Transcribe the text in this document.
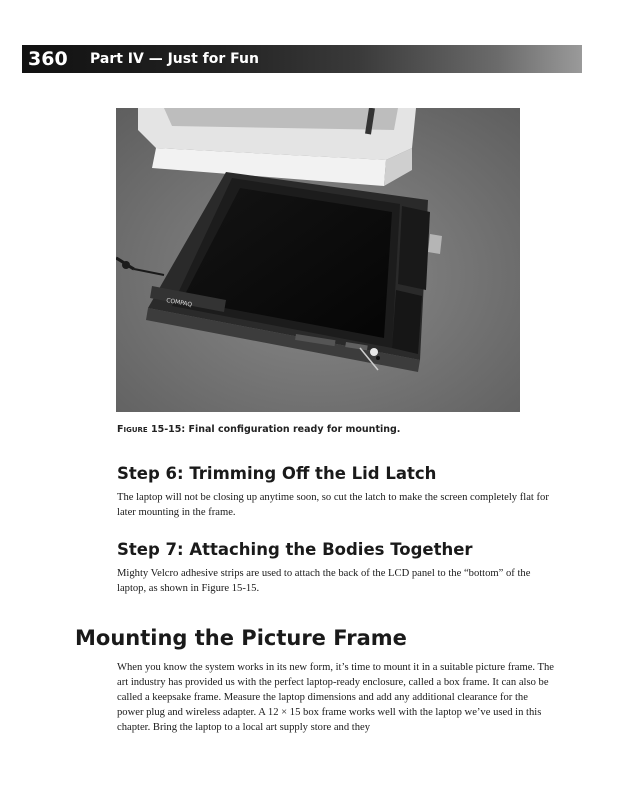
360 Part IV — Just for Fun
COMPAQ
Figure 15-15: Final configuration ready for mounting.
Step 6: Trimming Off the Lid Latch

The laptop will not be closing up anytime soon, so cut the latch to make the screen completely flat for later mounting in the frame.

Step 7: Attaching the Bodies Together

Mighty Velcro adhesive strips are used to attach the back of the LCD panel to the “bottom” of the laptop, as shown in Figure 15-15.

Mounting the Picture Frame

When you know the system works in its new form, it’s time to mount it in a suitable picture frame. The art industry has provided us with the perfect laptop-ready enclosure, called a box frame. It can also be called a keepsake frame. Measure the laptop dimensions and add any additional clearance for the power plug and wireless adapter. A 12 × 15 box frame works well with the laptop we’ve used in this chapter. Bring the laptop to a local art supply store and they
